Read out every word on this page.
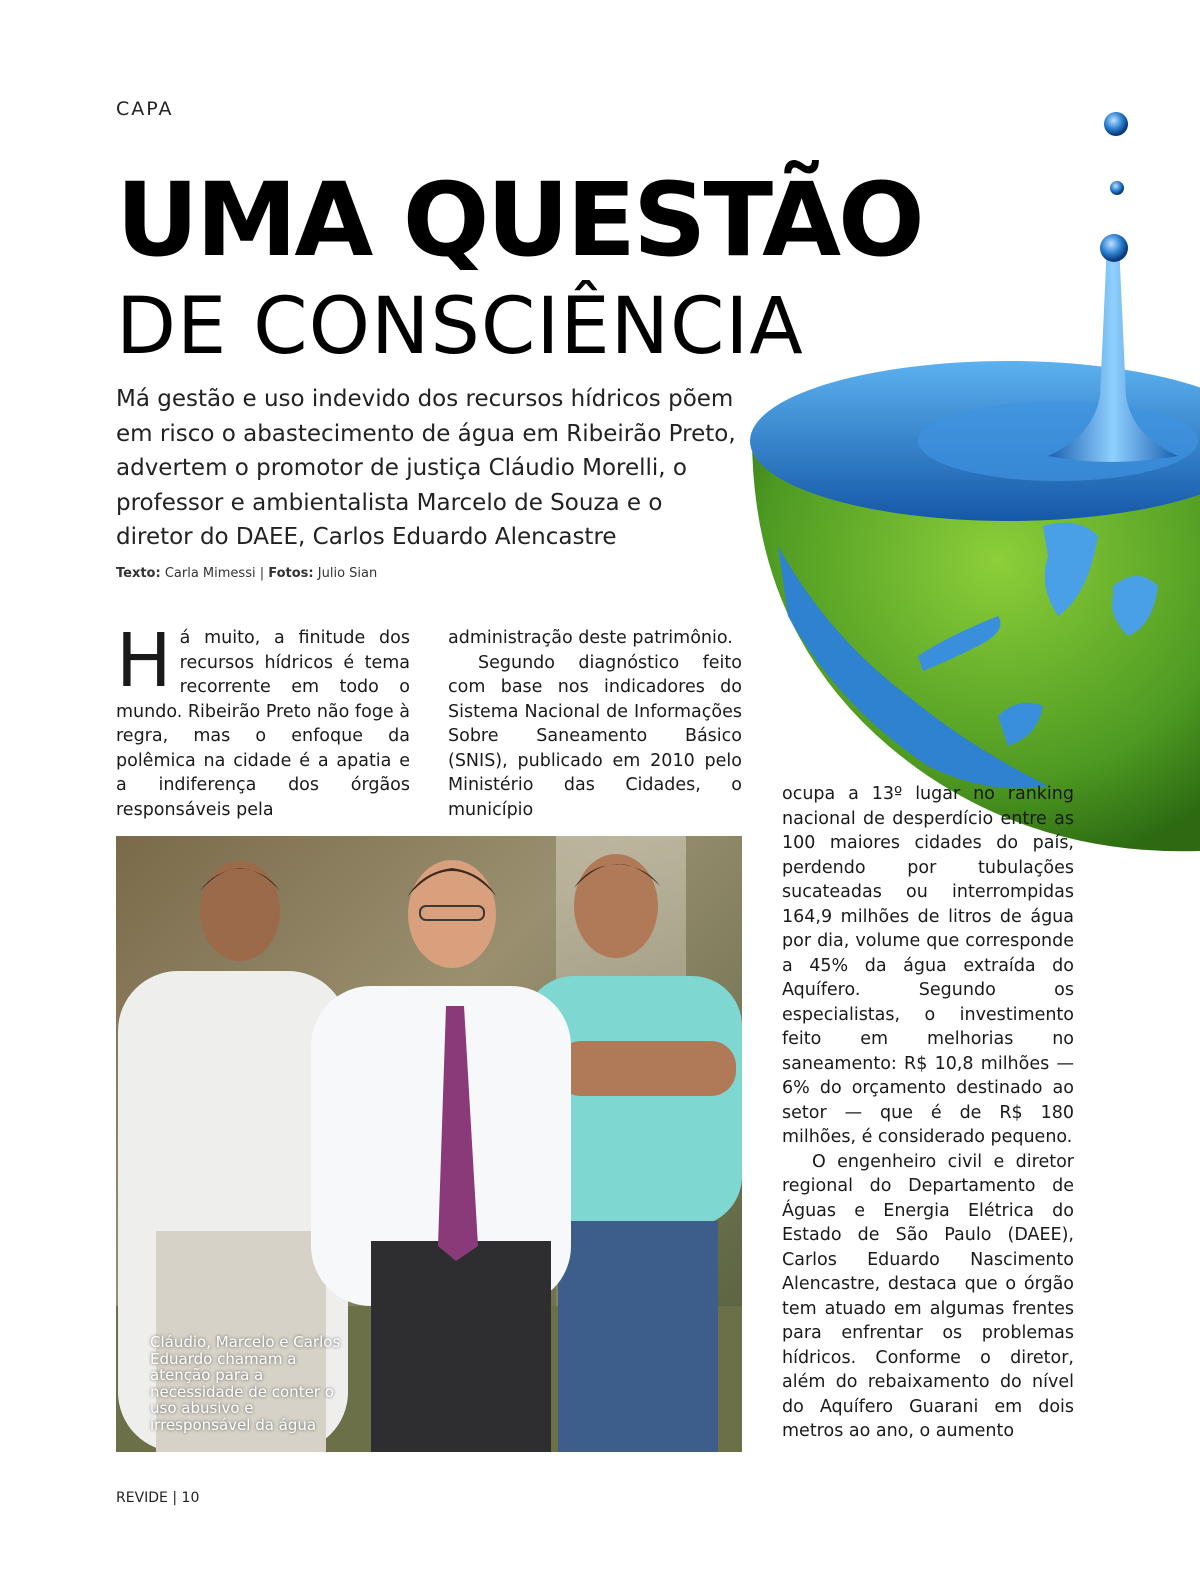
CAPA
UMA QUESTÃO
DE CONSCIÊNCIA

Má gestão e uso indevido dos recursos hídricos põem em risco o abastecimento de água em Ribeirão Preto, advertem o promotor de justiça Cláudio Morelli, o professor e ambientalista Marcelo de Souza e o diretor do DAEE, Carlos Eduardo Alencastre

Texto: Carla Mimessi | Fotos: Julio Sian
Há muito, a finitude dos recursos hídricos é tema recorrente em todo o mundo. Ribeirão Preto não foge à regra, mas o enfoque da polêmica na cidade é a apatia e a indiferença dos órgãos responsáveis pela

administração deste patrimônio.

Segundo diagnóstico feito com base nos indicadores do Sistema Nacional de Informações Sobre Saneamento Básico (SNIS), publicado em 2010 pelo Ministério das Cidades, o município

ocupa a 13º lugar no ranking nacional de desperdício entre as 100 maiores cidades do país, perdendo por tubulações sucateadas ou interrompidas 164,9 milhões de litros de água por dia, volume que corresponde a 45% da água extraída do Aquífero. Segundo os especialistas, o investimento feito em melhorias no saneamento: R$ 10,8 milhões — 6% do orçamento destinado ao setor — que é de R$ 180 milhões, é considerado pequeno.

O engenheiro civil e diretor regional do Departamento de Águas e Energia Elétrica do Estado de São Paulo (DAEE), Carlos Eduardo Nascimento Alencastre, destaca que o órgão tem atuado em algumas frentes para enfrentar os problemas hídricos. Conforme o diretor, além do rebaixamento do nível do Aquífero Guarani em dois metros ao ano, o aumento

Cláudio, Marcelo e Carlos Eduardo chamam a atenção para a necessidade de conter o uso abusivo e irresponsável da água
REVIDE | 10
